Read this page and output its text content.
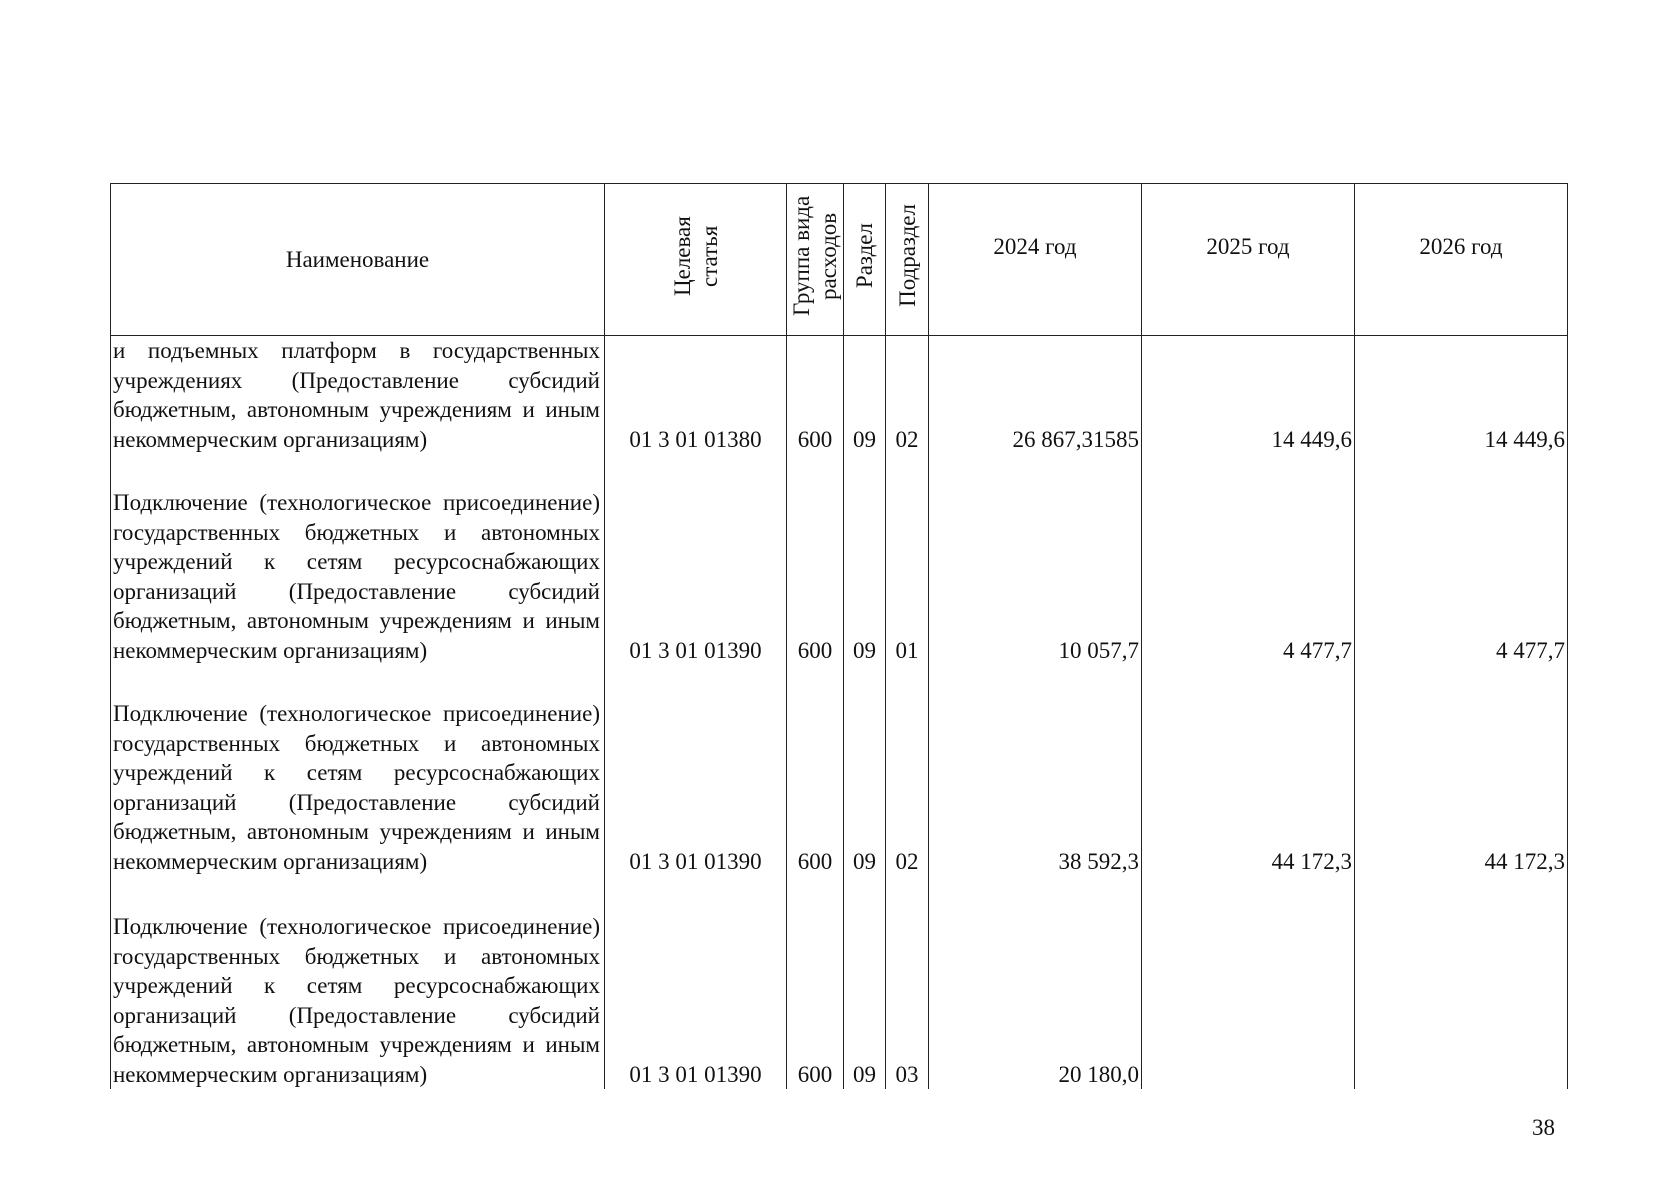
Наименование	Целевая статья	Группа вида расходов	Раздел	Подраздел	2024 год	2025 год	2026 год
и подъемных платформ в государственных учреждениях (Предоставление субсидий бюджетным, автономным учреждениям и иным некоммерческим организациям)	01 3 01 01380	600	09	02	26 867,31585	14 449,6	14 449,6
Подключение (технологическое присоединение) государственных бюджетных и автономных учреждений к сетям ресурсоснабжающих организаций (Предоставление субсидий бюджетным, автономным учреждениям и иным некоммерческим организациям)	01 3 01 01390	600	09	01	10 057,7	4 477,7	4 477,7
Подключение (технологическое присоединение) государственных бюджетных и автономных учреждений к сетям ресурсоснабжающих организаций (Предоставление субсидий бюджетным, автономным учреждениям и иным некоммерческим организациям)	01 3 01 01390	600	09	02	38 592,3	44 172,3	44 172,3
Подключение (технологическое присоединение) государственных бюджетных и автономных учреждений к сетям ресурсоснабжающих организаций (Предоставление субсидий бюджетным, автономным учреждениям и иным некоммерческим организациям)	01 3 01 01390	600	09	03	20 180,0		
38
